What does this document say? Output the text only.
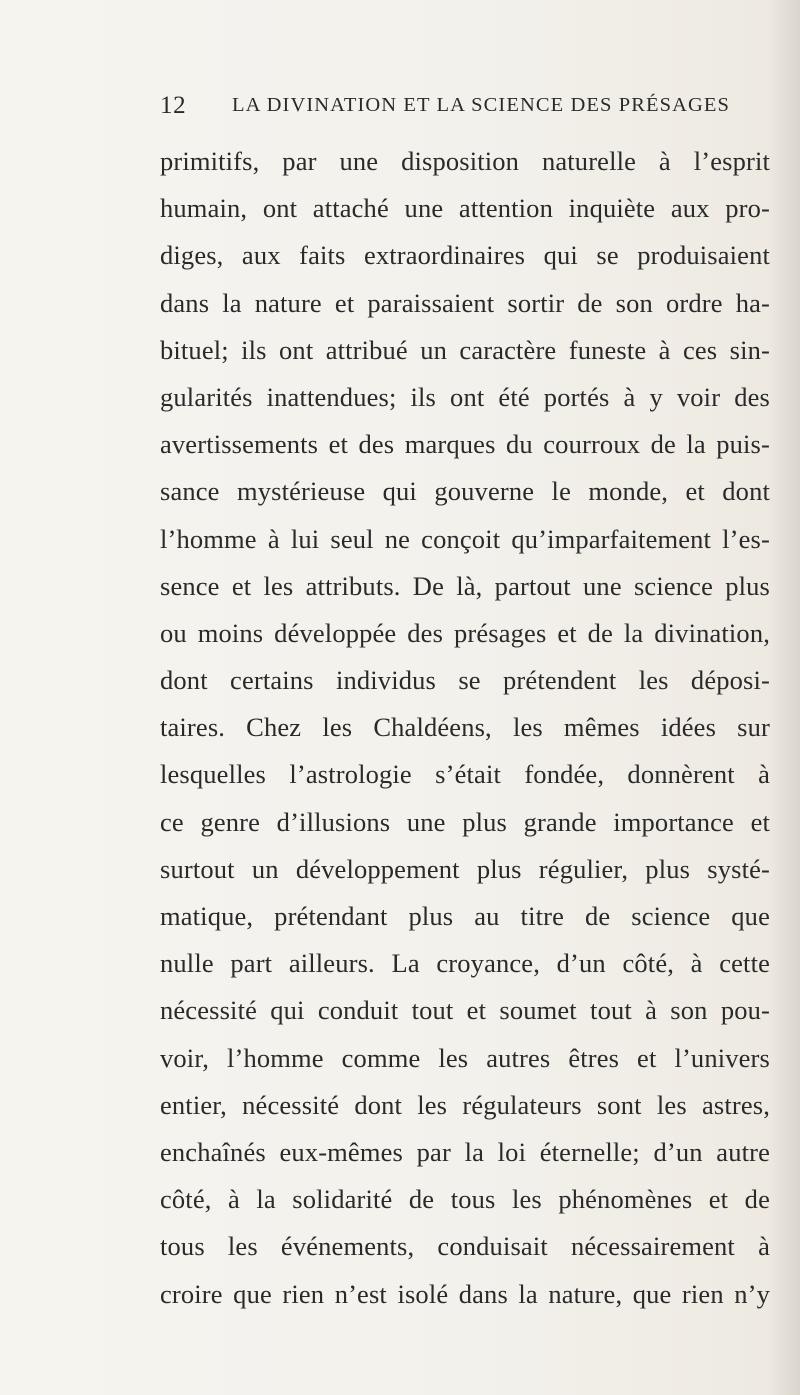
12 LA DIVINATION ET LA SCIENCE DES PRÉSAGES
primitifs, par une disposition naturelle à l’esprit
humain, ont attaché une attention inquiète aux pro-
diges, aux faits extraordinaires qui se produisaient
dans la nature et paraissaient sortir de son ordre ha-
bituel; ils ont attribué un caractère funeste à ces sin-
gularités inattendues; ils ont été portés à y voir des
avertissements et des marques du courroux de la puis-
sance mystérieuse qui gouverne le monde, et dont
l’homme à lui seul ne conçoit qu’imparfaitement l’es-
sence et les attributs. De là, partout une science plus
ou moins développée des présages et de la divination,
dont certains individus se prétendent les déposi-
taires. Chez les Chaldéens, les mêmes idées sur
lesquelles l’astrologie s’était fondée, donnèrent à
ce genre d’illusions une plus grande importance et
surtout un développement plus régulier, plus systé-
matique, prétendant plus au titre de science que
nulle part ailleurs. La croyance, d’un côté, à cette
nécessité qui conduit tout et soumet tout à son pou-
voir, l’homme comme les autres êtres et l’univers
entier, nécessité dont les régulateurs sont les astres,
enchaînés eux-mêmes par la loi éternelle; d’un autre
côté, à la solidarité de tous les phénomènes et de
tous les événements, conduisait nécessairement à
croire que rien n’est isolé dans la nature, que rien n’y
